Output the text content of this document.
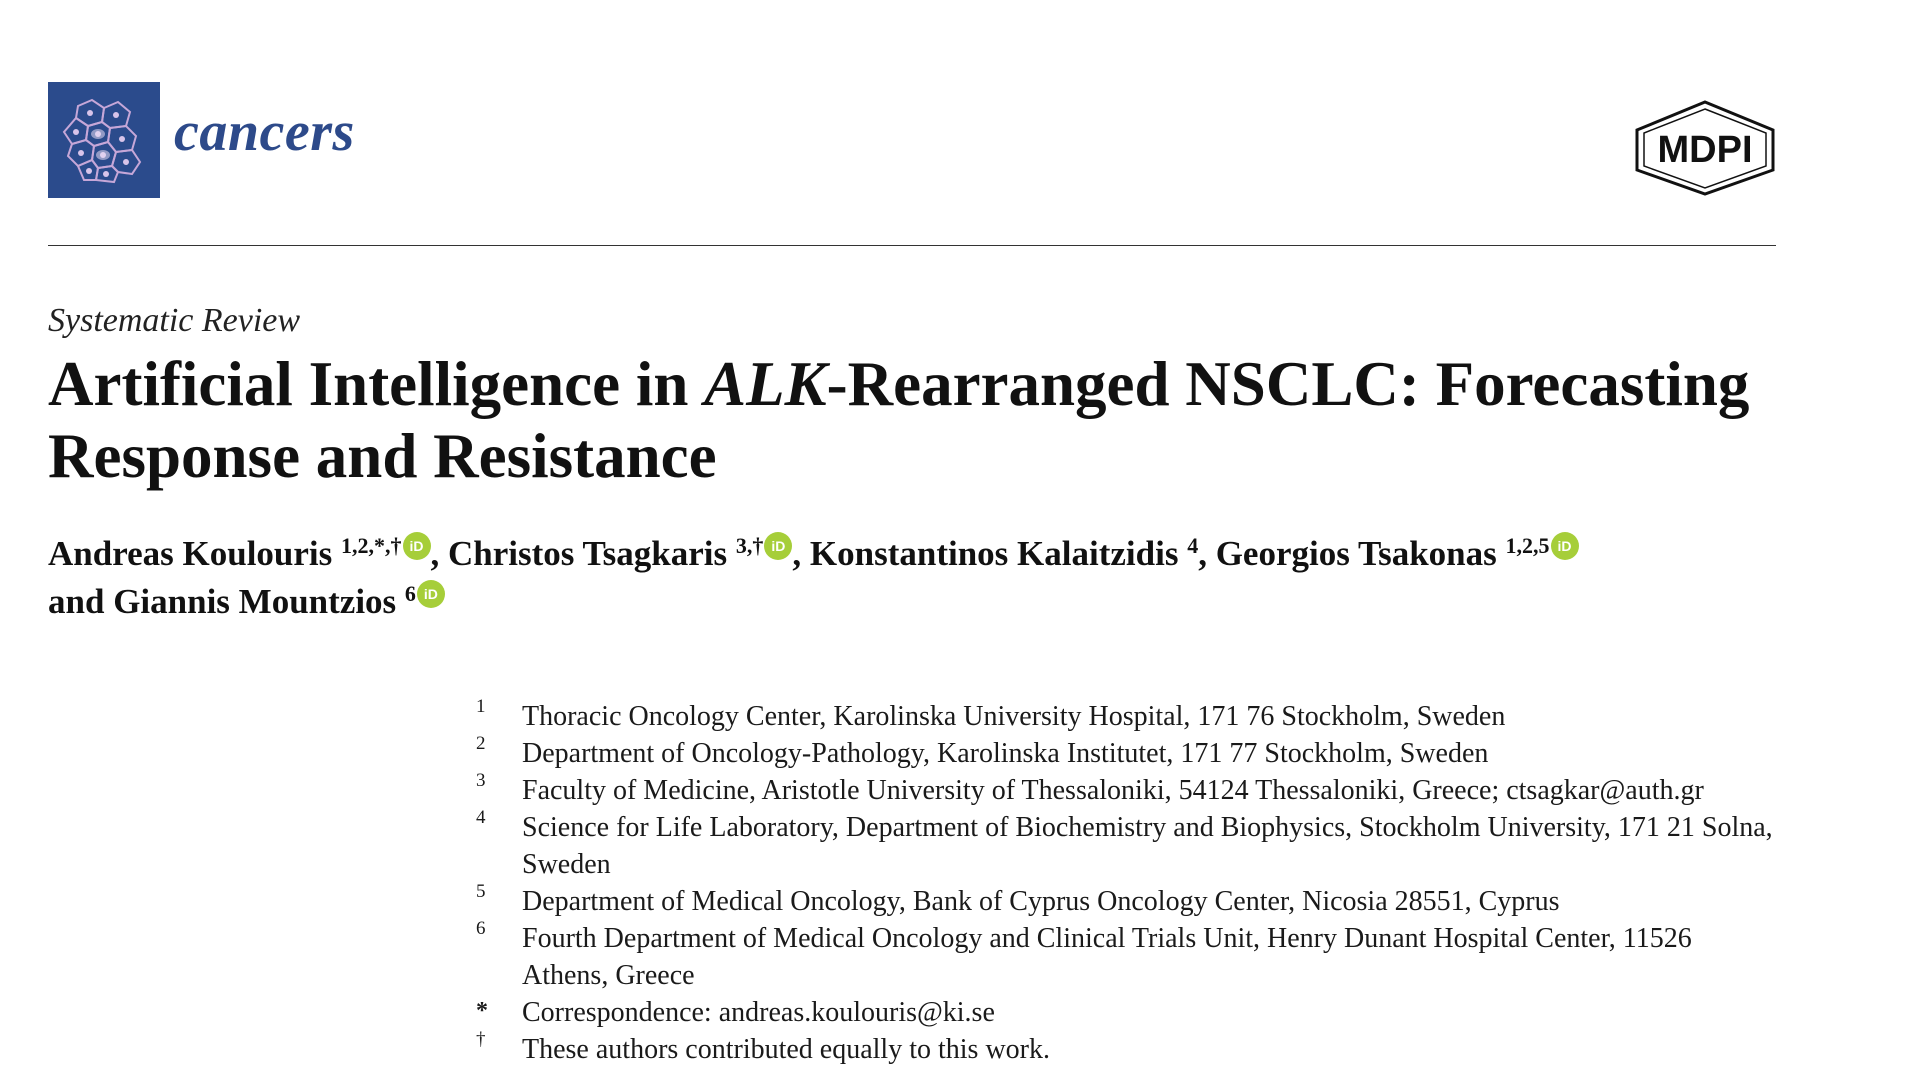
cancers	MDPI
Systematic Review
Artificial Intelligence in ALK-Rearranged NSCLC: Forecasting Response and Resistance
Andreas Koulouris $^{1,2,*,\dagger}$ iD , Christos Tsagkaris $^{3,\dagger}$ iD , Konstantinos Kalaitzidis $^4$, Georgios Tsakonas $^{1,2,5}$ iD
and Giannis Mountzios $^6$ iD
1 Thoracic Oncology Center, Karolinska University Hospital, 171 76 Stockholm, Sweden
2 Department of Oncology-Pathology, Karolinska Institutet, 171 77 Stockholm, Sweden
3 Faculty of Medicine, Aristotle University of Thessaloniki, 54124 Thessaloniki, Greece; ctsagkar@auth.gr
4 Science for Life Laboratory, Department of Biochemistry and Biophysics, Stockholm University, 171 21 Solna, Sweden
5 Department of Medical Oncology, Bank of Cyprus Oncology Center, Nicosia 28551, Cyprus
6 Fourth Department of Medical Oncology and Clinical Trials Unit, Henry Dunant Hospital Center, 11526 Athens, Greece
* Correspondence: andreas.koulouris@ki.se
† These authors contributed equally to this work.
